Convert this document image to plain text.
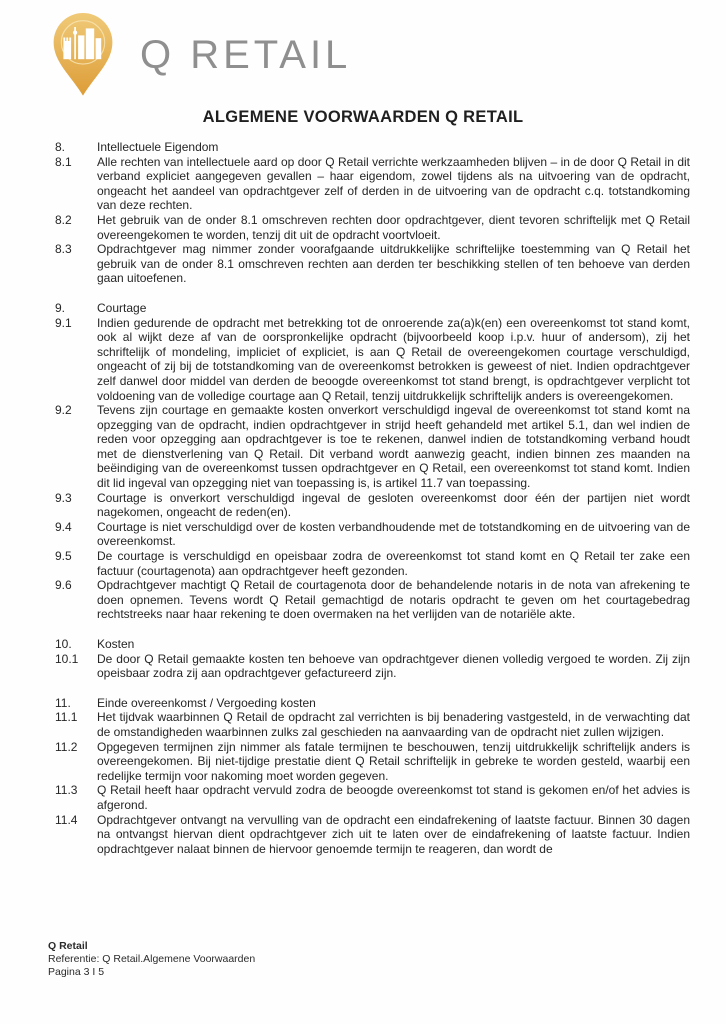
Q RETAIL
ALGEMENE VOORWAARDEN Q RETAIL
8.	Intellectuele Eigendom

8.1	Alle rechten van intellectuele aard op door Q Retail verrichte werkzaamheden blijven – in de door Q Retail in dit verband expliciet aangegeven gevallen – haar eigendom, zowel tijdens als na uitvoering van de opdracht, ongeacht het aandeel van opdrachtgever zelf of derden in de uitvoering van de opdracht c.q. totstandkoming van deze rechten.

8.2	Het gebruik van de onder 8.1 omschreven rechten door opdrachtgever, dient tevoren schriftelijk met Q Retail overeengekomen te worden, tenzij dit uit de opdracht voortvloeit.

8.3	Opdrachtgever mag nimmer zonder voorafgaande uitdrukkelijke schriftelijke toestemming van Q Retail het gebruik van de onder 8.1 omschreven rechten aan derden ter beschikking stellen of ten behoeve van derden gaan uitoefenen.

9.	Courtage

9.1	Indien gedurende de opdracht met betrekking tot de onroerende za(a)k(en) een overeenkomst tot stand komt, ook al wijkt deze af van de oorspronkelijke opdracht (bijvoorbeeld koop i.p.v. huur of andersom), zij het schriftelijk of mondeling, impliciet of expliciet, is aan Q Retail de overeengekomen courtage verschuldigd, ongeacht of zij bij de totstandkoming van de overeenkomst betrokken is geweest of niet. Indien opdrachtgever zelf danwel door middel van derden de beoogde overeenkomst tot stand brengt, is opdrachtgever verplicht tot voldoening van de volledige courtage aan Q Retail, tenzij uitdrukkelijk schriftelijk anders is overeengekomen.

9.2	Tevens zijn courtage en gemaakte kosten onverkort verschuldigd ingeval de overeenkomst tot stand komt na opzegging van de opdracht, indien opdrachtgever in strijd heeft gehandeld met artikel 5.1, dan wel indien de reden voor opzegging aan opdrachtgever is toe te rekenen, danwel indien de totstandkoming verband houdt met de dienstverlening van Q Retail. Dit verband wordt aanwezig geacht, indien binnen zes maanden na beëindiging van de overeenkomst tussen opdrachtgever en Q Retail, een overeenkomst tot stand komt. Indien dit lid ingeval van opzegging niet van toepassing is, is artikel 11.7 van toepassing.

9.3	Courtage is onverkort verschuldigd ingeval de gesloten overeenkomst door één der partijen niet wordt nagekomen, ongeacht de reden(en).

9.4	Courtage is niet verschuldigd over de kosten verbandhoudende met de totstandkoming en de uitvoering van de overeenkomst.

9.5	De courtage is verschuldigd en opeisbaar zodra de overeenkomst tot stand komt en Q Retail ter zake een factuur (courtagenota) aan opdrachtgever heeft gezonden.

9.6	Opdrachtgever machtigt Q Retail de courtagenota door de behandelende notaris in de nota van afrekening te doen opnemen. Tevens wordt Q Retail gemachtigd de notaris opdracht te geven om het courtagebedrag rechtstreeks naar haar rekening te doen overmaken na het verlijden van de notariële akte.

10.	Kosten

10.1	De door Q Retail gemaakte kosten ten behoeve van opdrachtgever dienen volledig vergoed te worden. Zij zijn opeisbaar zodra zij aan opdrachtgever gefactureerd zijn.

11.	Einde overeenkomst / Vergoeding kosten

11.1	Het tijdvak waarbinnen Q Retail de opdracht zal verrichten is bij benadering vastgesteld, in de verwachting dat de omstandigheden waarbinnen zulks zal geschieden na aanvaarding van de opdracht niet zullen wijzigen.

11.2	Opgegeven termijnen zijn nimmer als fatale termijnen te beschouwen, tenzij uitdrukkelijk schriftelijk anders is overeengekomen. Bij niet-tijdige prestatie dient Q Retail schriftelijk in gebreke te worden gesteld, waarbij een redelijke termijn voor nakoming moet worden gegeven.

11.3	Q Retail heeft haar opdracht vervuld zodra de beoogde overeenkomst tot stand is gekomen en/of het advies is afgerond.

11.4	Opdrachtgever ontvangt na vervulling van de opdracht een eindafrekening of laatste factuur. Binnen 30 dagen na ontvangst hiervan dient opdrachtgever zich uit te laten over de eindafrekening of laatste factuur. Indien opdrachtgever nalaat binnen de hiervoor genoemde termijn te reageren, dan wordt de

Q Retail
Referentie: Q Retail.Algemene Voorwaarden
Pagina 3 I 5
